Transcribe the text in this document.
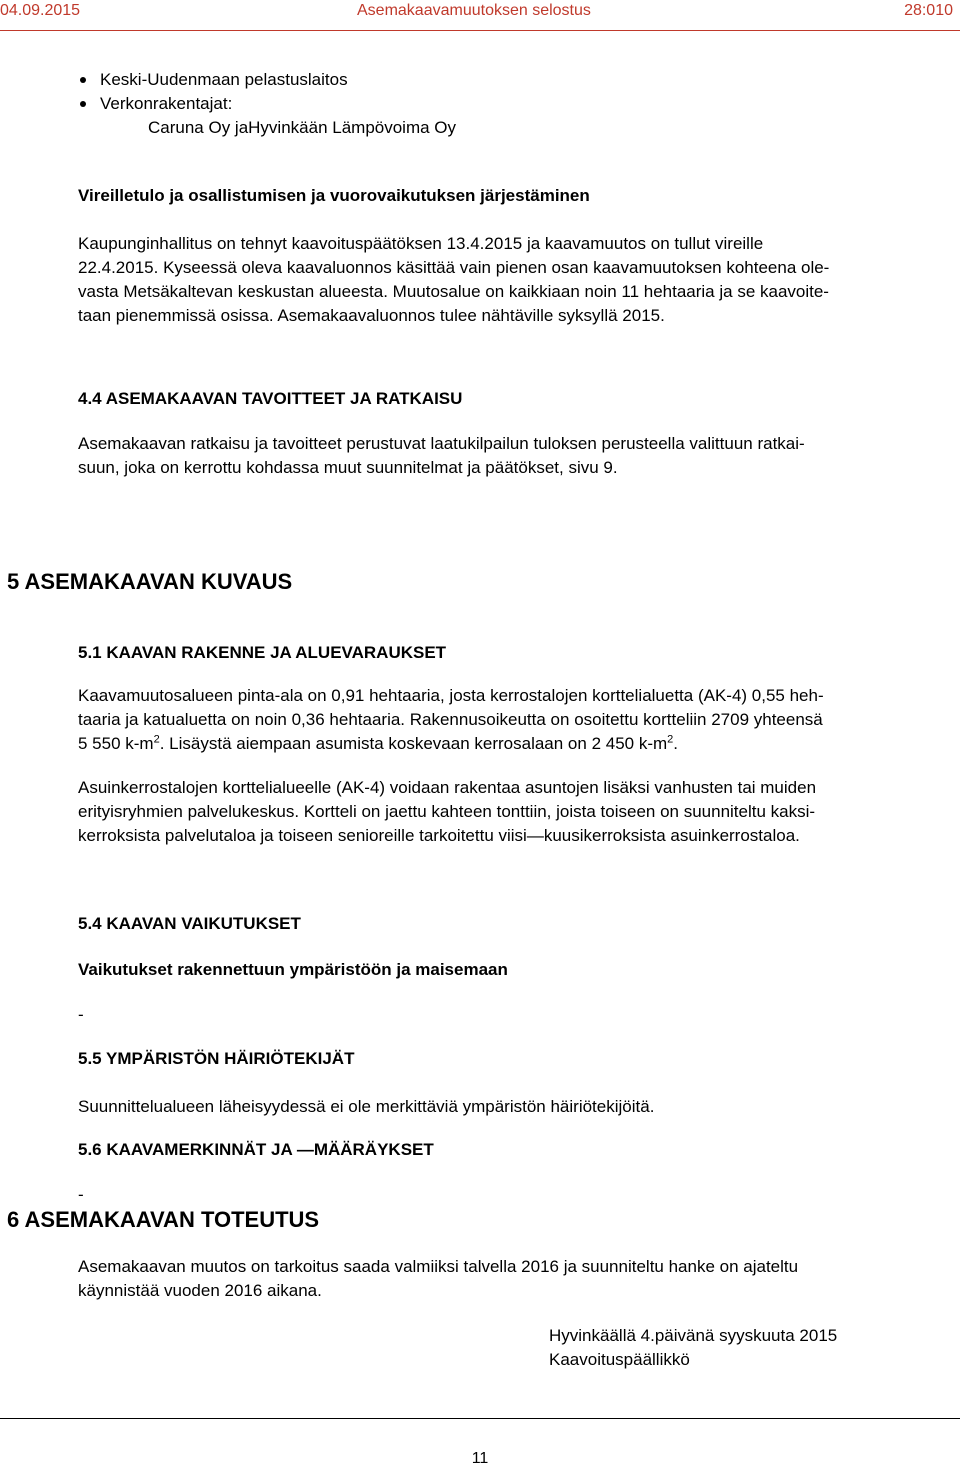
04.09.2015	Asemakaavamuutoksen selostus	28:010
Keski-Uudenmaan pelastuslaitos
Verkonrakentajat:
Caruna Oy jaHyvinkään Lämpövoima Oy
Vireilletulo ja osallistumisen ja vuorovaikutuksen järjestäminen
Kaupunginhallitus on tehnyt kaavoituspäätöksen 13.4.2015 ja kaavamuutos on tullut vireille
22.4.2015. Kyseessä oleva kaavaluonnos käsittää vain pienen osan kaavamuutoksen kohteena ole-
vasta Metsäkaltevan keskustan alueesta. Muutosalue on kaikkiaan noin 11 hehtaaria ja se kaavoite-
taan pienemmissä osissa. Asemakaavaluonnos tulee nähtäville syksyllä 2015.
4.4 ASEMAKAAVAN TAVOITTEET JA RATKAISU
Asemakaavan ratkaisu ja tavoitteet perustuvat laatukilpailun tuloksen perusteella valittuun ratkai-
suun, joka on kerrottu kohdassa muut suunnitelmat ja päätökset, sivu 9.
5 ASEMAKAAVAN KUVAUS
5.1 KAAVAN RAKENNE JA ALUEVARAUKSET
Kaavamuutosalueen pinta-ala on 0,91 hehtaaria, josta kerrostalojen korttelialuetta (AK-4) 0,55 heh-
taaria ja katualuetta on noin 0,36 hehtaaria. Rakennusoikeutta on osoitettu kortteliin 2709 yhteensä
5 550 $k-m^2$. Lisäystä aiempaan asumista koskevaan kerrosalaan on 2 450 $k-m^2$.
Asuinkerrostalojen korttelialueelle (AK-4) voidaan rakentaa asuntojen lisäksi vanhusten tai muiden
erityisryhmien palvelukeskus. Kortteli on jaettu kahteen tonttiin, joista toiseen on suunniteltu kaksi-
kerroksista palvelutaloa ja toiseen senioreille tarkoitettu viisi—kuusikerroksista asuinkerrostaloa.
5.4 KAAVAN VAIKUTUKSET
Vaikutukset rakennettuun ympäristöön ja maisemaan
-
5.5 YMPÄRISTÖN HÄIRIÖTEKIJÄT
Suunnittelualueen läheisyydessä ei ole merkittäviä ympäristön häiriötekijöitä.
5.6 KAAVAMERKINNÄT JA —MÄÄRÄYKSET
-
6 ASEMAKAAVAN TOTEUTUS
Asemakaavan muutos on tarkoitus saada valmiiksi talvella 2016 ja suunniteltu hanke on ajateltu
käynnistää vuoden 2016 aikana.
Hyvinkäällä 4.päivänä syyskuuta 2015
Kaavoituspäällikkö
11
